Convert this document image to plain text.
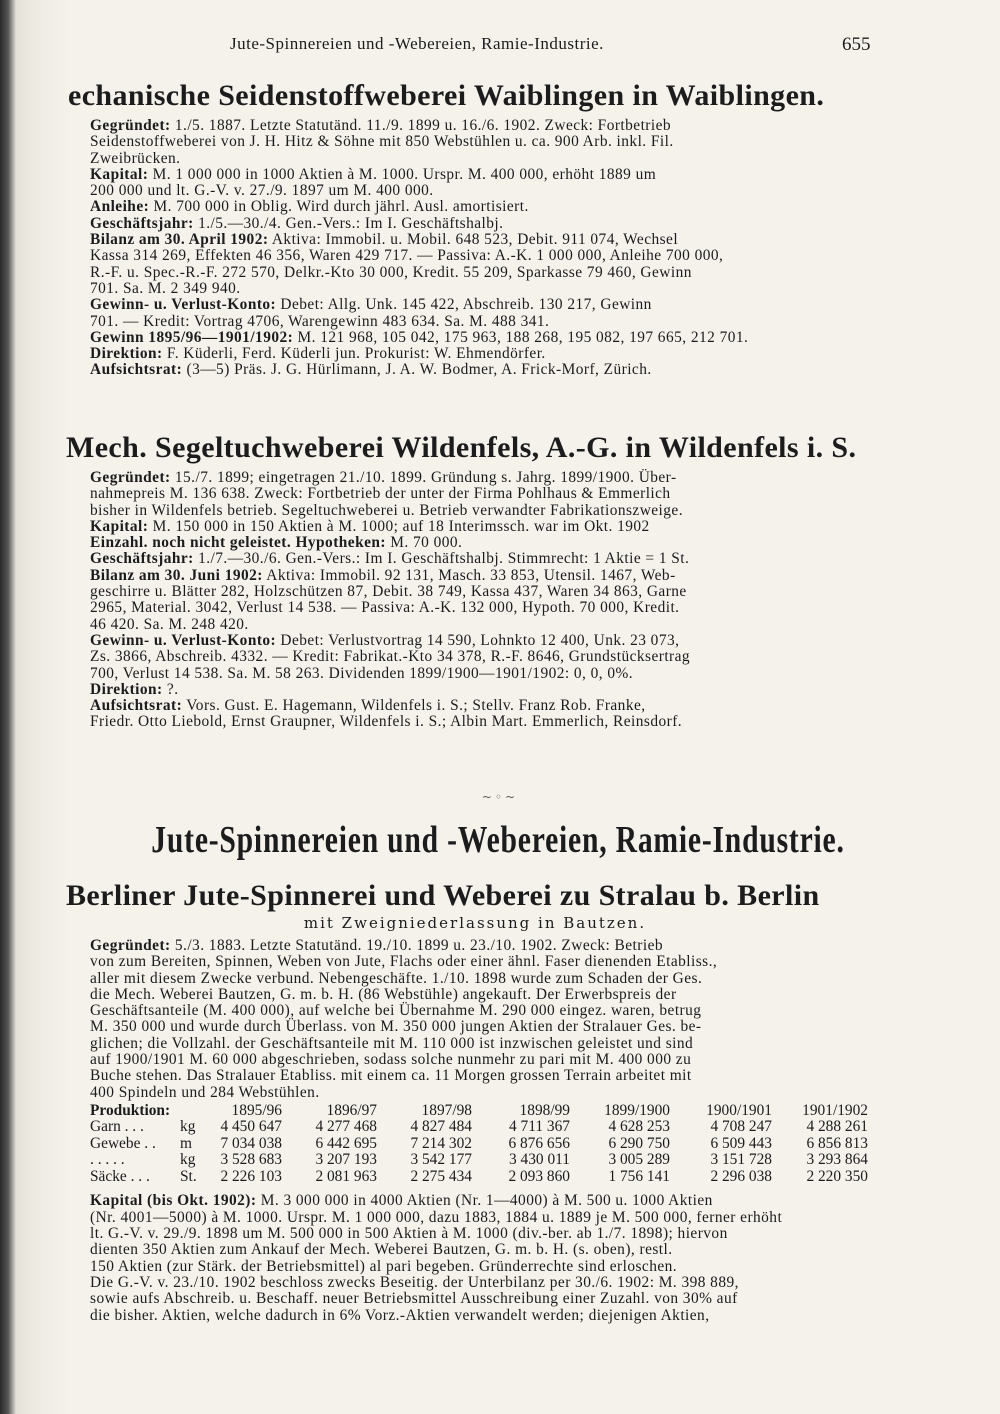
Jute-Spinnereien und -Webereien, Ramie-Industrie.	655
echanische Seidenstoffweberei Waiblingen in Waiblingen.
Gegründet: 1./5. 1887. Letzte Statutänd. 11./9. 1899 u. 16./6. 1902. Zweck: Fortbetrieb
Seidenstoffweberei von J. H. Hitz & Söhne mit 850 Webstühlen u. ca. 900 Arb. inkl. Fil.
Zweibrücken.
Kapital: M. 1 000 000 in 1000 Aktien à M. 1000. Urspr. M. 400 000, erhöht 1889 um
200 000 und lt. G.-V. v. 27./9. 1897 um M. 400 000.
Anleihe: M. 700 000 in Oblig. Wird durch jährl. Ausl. amortisiert.
Geschäftsjahr: 1./5.—30./4. Gen.-Vers.: Im I. Geschäftshalbj.
Bilanz am 30. April 1902: Aktiva: Immobil. u. Mobil. 648 523, Debit. 911 074, Wechsel
Kassa 314 269, Effekten 46 356, Waren 429 717. — Passiva: A.-K. 1 000 000, Anleihe 700 000,
R.-F. u. Spec.-R.-F. 272 570, Delkr.-Kto 30 000, Kredit. 55 209, Sparkasse 79 460, Gewinn
701. Sa. M. 2 349 940.
Gewinn- u. Verlust-Konto: Debet: Allg. Unk. 145 422, Abschreib. 130 217, Gewinn
701. — Kredit: Vortrag 4706, Warengewinn 483 634. Sa. M. 488 341.
Gewinn 1895/96—1901/1902: M. 121 968, 105 042, 175 963, 188 268, 195 082, 197 665, 212 701.
Direktion: F. Küderli, Ferd. Küderli jun. Prokurist: W. Ehmendörfer.
Aufsichtsrat: (3—5) Präs. J. G. Hürlimann, J. A. W. Bodmer, A. Frick-Morf, Zürich.
Mech. Segeltuchweberei Wildenfels, A.-G. in Wildenfels i. S.
Gegründet: 15./7. 1899; eingetragen 21./10. 1899. Gründung s. Jahrg. 1899/1900. Über-
nahmepreis M. 136 638. Zweck: Fortbetrieb der unter der Firma Pohlhaus & Emmerlich
bisher in Wildenfels betrieb. Segeltuchweberei u. Betrieb verwandter Fabrikationszweige.
Kapital: M. 150 000 in 150 Aktien à M. 1000; auf 18 Interimssch. war im Okt. 1902
Einzahl. noch nicht geleistet. Hypotheken: M. 70 000.
Geschäftsjahr: 1./7.—30./6. Gen.-Vers.: Im I. Geschäftshalbj. Stimmrecht: 1 Aktie = 1 St.
Bilanz am 30. Juni 1902: Aktiva: Immobil. 92 131, Masch. 33 853, Utensil. 1467, Web-
geschirre u. Blätter 282, Holzschützen 87, Debit. 38 749, Kassa 437, Waren 34 863, Garne
2965, Material. 3042, Verlust 14 538. — Passiva: A.-K. 132 000, Hypoth. 70 000, Kredit.
46 420. Sa. M. 248 420.
Gewinn- u. Verlust-Konto: Debet: Verlustvortrag 14 590, Lohnkto 12 400, Unk. 23 073,
Zs. 3866, Abschreib. 4332. — Kredit: Fabrikat.-Kto 34 378, R.-F. 8646, Grundstücksertrag
700, Verlust 14 538. Sa. M. 58 263. Dividenden 1899/1900—1901/1902: 0, 0, 0%.
Direktion: ?.
Aufsichtsrat: Vors. Gust. E. Hagemann, Wildenfels i. S.; Stellv. Franz Rob. Franke,
Friedr. Otto Liebold, Ernst Graupner, Wildenfels i. S.; Albin Mart. Emmerlich, Reinsdorf.
~◦~
Jute-Spinnereien und -Webereien, Ramie-Industrie.
Berliner Jute-Spinnerei und Weberei zu Stralau b. Berlin
mit Zweigniederlassung in Bautzen.
Gegründet: 5./3. 1883. Letzte Statutänd. 19./10. 1899 u. 23./10. 1902. Zweck: Betrieb
von zum Bereiten, Spinnen, Weben von Jute, Flachs oder einer ähnl. Faser dienenden Etabliss.,
aller mit diesem Zwecke verbund. Nebengeschäfte. 1./10. 1898 wurde zum Schaden der Ges.
die Mech. Weberei Bautzen, G. m. b. H. (86 Webstühle) angekauft. Der Erwerbspreis der
Geschäftsanteile (M. 400 000), auf welche bei Übernahme M. 290 000 eingez. waren, betrug
M. 350 000 und wurde durch Überlass. von M. 350 000 jungen Aktien der Stralauer Ges. be-
glichen; die Vollzahl. der Geschäftsanteile mit M. 110 000 ist inzwischen geleistet und sind
auf 1900/1901 M. 60 000 abgeschrieben, sodass solche nunmehr zu pari mit M. 400 000 zu
Buche stehen. Das Stralauer Etabliss. mit einem ca. 11 Morgen grossen Terrain arbeitet mit
400 Spindeln und 284 Webstühlen.
Produktion:		1895/96	1896/97	1897/98	1898/99	1899/1900	1900/1901	1901/1902
Garn . . .	kg	4 450 647	4 277 468	4 827 484	4 711 367	4 628 253	4 708 247	4 288 261
Gewebe . .	m	7 034 038	6 442 695	7 214 302	6 876 656	6 290 750	6 509 443	6 856 813
. . . . .	kg	3 528 683	3 207 193	3 542 177	3 430 011	3 005 289	3 151 728	3 293 864
Säcke . . .	St.	2 226 103	2 081 963	2 275 434	2 093 860	1 756 141	2 296 038	2 220 350
Kapital (bis Okt. 1902): M. 3 000 000 in 4000 Aktien (Nr. 1—4000) à M. 500 u. 1000 Aktien
(Nr. 4001—5000) à M. 1000. Urspr. M. 1 000 000, dazu 1883, 1884 u. 1889 je M. 500 000, ferner erhöht
lt. G.-V. v. 29./9. 1898 um M. 500 000 in 500 Aktien à M. 1000 (div.-ber. ab 1./7. 1898); hiervon
dienten 350 Aktien zum Ankauf der Mech. Weberei Bautzen, G. m. b. H. (s. oben), restl.
150 Aktien (zur Stärk. der Betriebsmittel) al pari begeben. Gründerrechte sind erloschen.
Die G.-V. v. 23./10. 1902 beschloss zwecks Beseitig. der Unterbilanz per 30./6. 1902: M. 398 889,
sowie aufs Abschreib. u. Beschaff. neuer Betriebsmittel Ausschreibung einer Zuzahl. von 30% auf
die bisher. Aktien, welche dadurch in 6% Vorz.-Aktien verwandelt werden; diejenigen Aktien,
